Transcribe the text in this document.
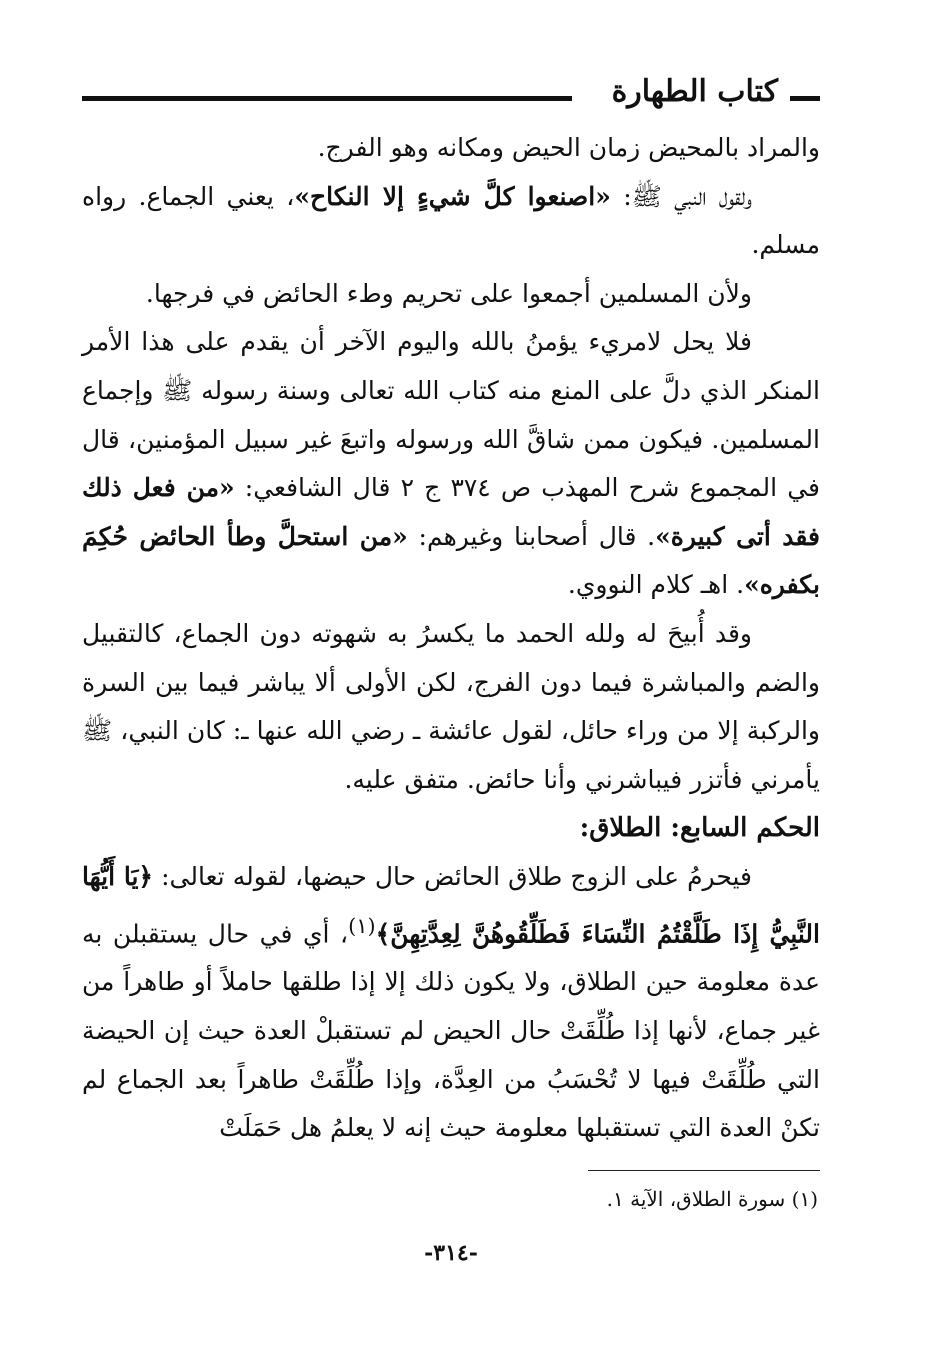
كتاب الطهارة

والمراد بالمحيض زمان الحيض ومكانه وهو الفرج.

ولقول النبي ﷺ: «اصنعوا كلَّ شيءٍ إلا النكاح»، يعني الجماع. رواه مسلم.

ولأن المسلمين أجمعوا على تحريم وطء الحائض في فرجها.

فلا يحل لامريء يؤمنُ بالله واليوم الآخر أن يقدم على هذا الأمر المنكر الذي دلَّ على المنع منه كتاب الله تعالى وسنة رسوله ﷺ وإجماع المسلمين. فيكون ممن شاقَّ الله ورسوله واتبعَ غير سبيل المؤمنين، قال في المجموع شرح المهذب ص ٣٧٤ ج ٢ قال الشافعي: «من فعل ذلك فقد أتى كبيرة». قال أصحابنا وغيرهم: «من استحلَّ وطأ الحائض حُكِمَ بكفره». اهـ كلام النووي.

وقد أُبيحَ له ولله الحمد ما يكسرُ به شهوته دون الجماع، كالتقبيل والضم والمباشرة فيما دون الفرج، لكن الأولى ألا يباشر فيما بين السرة والركبة إلا من وراء حائل، لقول عائشة ـ رضي الله عنها ـ: كان النبي، ﷺ يأمرني فأتزر فيباشرني وأنا حائض. متفق عليه.

الحكم السابع: الطلاق:

فيحرمُ على الزوج طلاق الحائض حال حيضها، لقوله تعالى: ﴿يَا أَيُّهَا النَّبِيُّ إِذَا طَلَّقْتُمُ النِّسَاءَ فَطَلِّقُوهُنَّ لِعِدَّتِهِنَّ﴾$^{(١)}$، أي في حال يستقبلن به عدة معلومة حين الطلاق، ولا يكون ذلك إلا إذا طلقها حاملاً أو طاهراً من غير جماع، لأنها إذا طُلِّقَتْ حال الحيض لم تستقبلْ العدة حيث إن الحيضة التي طُلِّقَتْ فيها لا تُحْسَبُ من العِدَّة، وإذا طُلِّقَتْ طاهراً بعد الجماع لم تكنْ العدة التي تستقبلها معلومة حيث إنه لا يعلمُ هل حَمَلَتْ

(١) سورة الطلاق، الآية ١.
-٣١٤-
